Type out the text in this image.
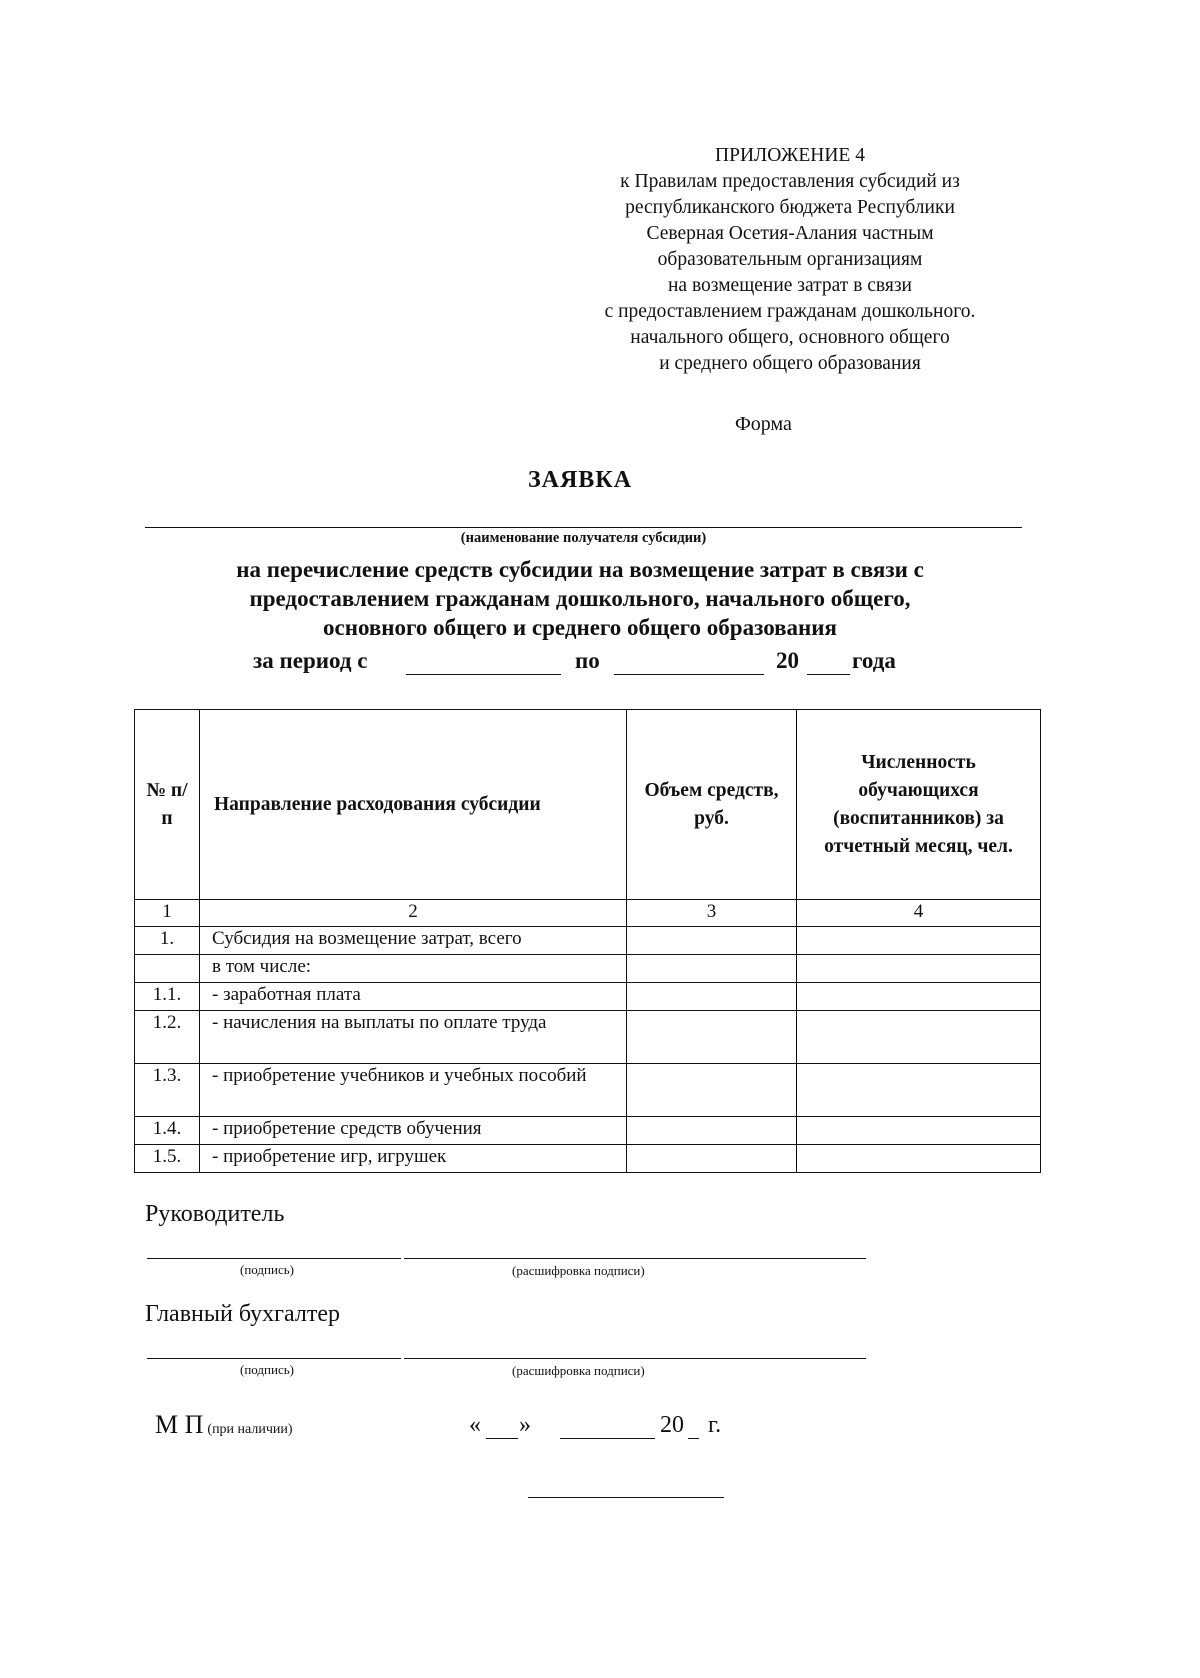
ПРИЛОЖЕНИЕ 4
к Правилам предоставления субсидий из
республиканского бюджета Республики
Северная Осетия-Алания частным
образовательным организациям
на возмещение затрат в связи
с предоставлением гражданам дошкольного.
начального общего, основного общего
и среднего общего образования
Форма
ЗАЯВКА
(наименование получателя субсидии)
на перечисление средств субсидии на возмещение затрат в связи с
предоставлением гражданам дошкольного, начального общего,
основного общего и среднего общего образования
за период с	по	20 года
№ п/п	Направление расходования субсидии	Объем средств, руб.	Численность обучающихся (воспитанников) за отчетный месяц, чел.
1	2	3	4
1.	Субсидия на возмещение затрат, всего		
	в том числе:		
1.1.	- заработная плата		
1.2.	- начисления на выплаты по оплате труда		
1.3.	- приобретение учебников и учебных пособий		
1.4.	- приобретение средств обучения		
1.5.	- приобретение игр, игрушек		
Руководитель
(подпись)	(расшифровка подписи)
Главный бухгалтер
(подпись)	(расшифровка подписи)
М П (при наличии)	« »	20 г.
